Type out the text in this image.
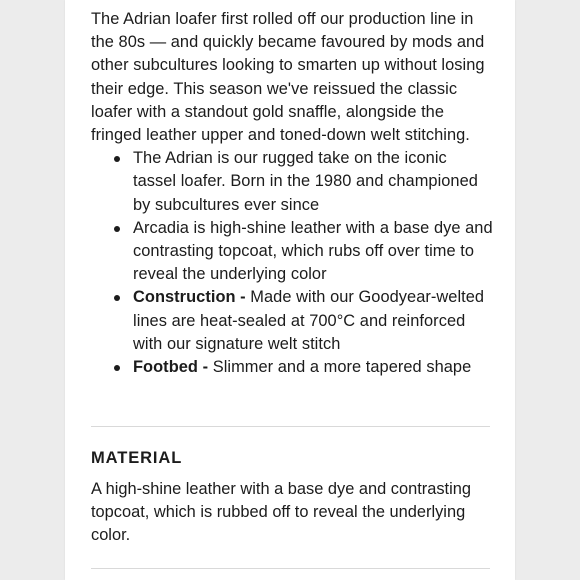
The Adrian loafer first rolled off our production line in the 80s — and quickly became favoured by mods and other subcultures looking to smarten up without losing their edge. This season we've reissued the classic loafer with a standout gold snaffle, alongside the fringed leather upper and toned-down welt stitching.

The Adrian is our rugged take on the iconic tassel loafer. Born in the 1980 and championed by subcultures ever since
Arcadia is high-shine leather with a base dye and contrasting topcoat, which rubs off over time to reveal the underlying color
Construction - Made with our Goodyear-welted lines are heat-sealed at 700°C and reinforced with our signature welt stitch
Footbed - Slimmer and a more tapered shape
MATERIAL

A high-shine leather with a base dye and contrasting topcoat, which is rubbed off to reveal the underlying color.
